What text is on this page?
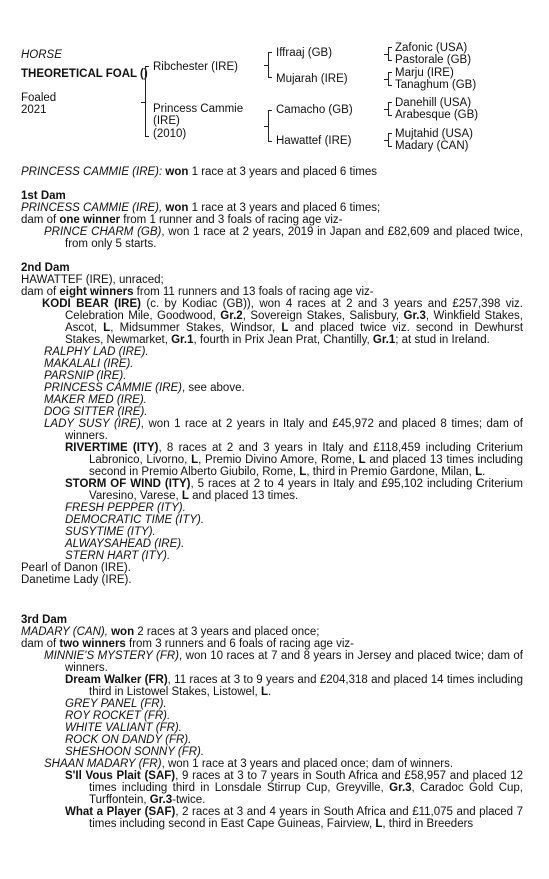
HORSE
THEORETICAL FOAL ()
Foaled
2021
Ribchester (IRE)
Princess Cammie
(IRE)
(2010)
Iffraaj (GB)
Mujarah (IRE)
Camacho (GB)
Hawattef (IRE)
Zafonic (USA)
Pastorale (GB)
Marju (IRE)
Tanaghum (GB)
Danehill (USA)
Arabesque (GB)
Mujtahid (USA)
Madary (CAN)
PRINCESS CAMMIE (IRE): won 1 race at 3 years and placed 6 times
1st Dam
PRINCESS CAMMIE (IRE), won 1 race at 3 years and placed 6 times;
dam of one winner from 1 runner and 3 foals of racing age viz-
PRINCE CHARM (GB), won 1 race at 2 years, 2019 in Japan and £82,609 and placed twice, from only 5 starts.
2nd Dam
HAWATTEF (IRE), unraced;
dam of eight winners from 11 runners and 13 foals of racing age viz-
KODI BEAR (IRE) (c. by Kodiac (GB)), won 4 races at 2 and 3 years and £257,398 viz. Celebration Mile, Goodwood, Gr.2, Sovereign Stakes, Salisbury, Gr.3, Winkfield Stakes, Ascot, L, Midsummer Stakes, Windsor, L and placed twice viz. second in Dewhurst Stakes, Newmarket, Gr.1, fourth in Prix Jean Prat, Chantilly, Gr.1; at stud in Ireland.
RALPHY LAD (IRE).
MAKALALI (IRE).
PARSNIP (IRE).
PRINCESS CAMMIE (IRE), see above.
MAKER MED (IRE).
DOG SITTER (IRE).
LADY SUSY (IRE), won 1 race at 2 years in Italy and £45,972 and placed 8 times; dam of winners.
RIVERTIME (ITY), 8 races at 2 and 3 years in Italy and £118,459 including Criterium Labronico, Livorno, L, Premio Divino Amore, Rome, L and placed 13 times including second in Premio Alberto Giubilo, Rome, L, third in Premio Gardone, Milan, L.
STORM OF WIND (ITY), 5 races at 2 to 4 years in Italy and £95,102 including Criterium Varesino, Varese, L and placed 13 times.
FRESH PEPPER (ITY).
DEMOCRATIC TIME (ITY).
SUSYTIME (ITY).
ALWAYSAHEAD (IRE).
STERN HART (ITY).
Pearl of Danon (IRE).
Danetime Lady (IRE).
3rd Dam
MADARY (CAN), won 2 races at 3 years and placed once;
dam of two winners from 3 runners and 6 foals of racing age viz-
MINNIE'S MYSTERY (FR), won 10 races at 7 and 8 years in Jersey and placed twice; dam of winners.
Dream Walker (FR), 11 races at 3 to 9 years and £204,318 and placed 14 times including third in Listowel Stakes, Listowel, L.
GREY PANEL (FR).
ROY ROCKET (FR).
WHITE VALIANT (FR).
ROCK ON DANDY (FR).
SHESHOON SONNY (FR).
SHAAN MADARY (FR), won 1 race at 3 years and placed once; dam of winners.
S'Il Vous Plait (SAF), 9 races at 3 to 7 years in South Africa and £58,957 and placed 12 times including third in Lonsdale Stirrup Cup, Greyville, Gr.3, Caradoc Gold Cup, Turffontein, Gr.3-twice.
What a Player (SAF), 2 races at 3 and 4 years in South Africa and £11,075 and placed 7 times including second in East Cape Guineas, Fairview, L, third in Breeders
